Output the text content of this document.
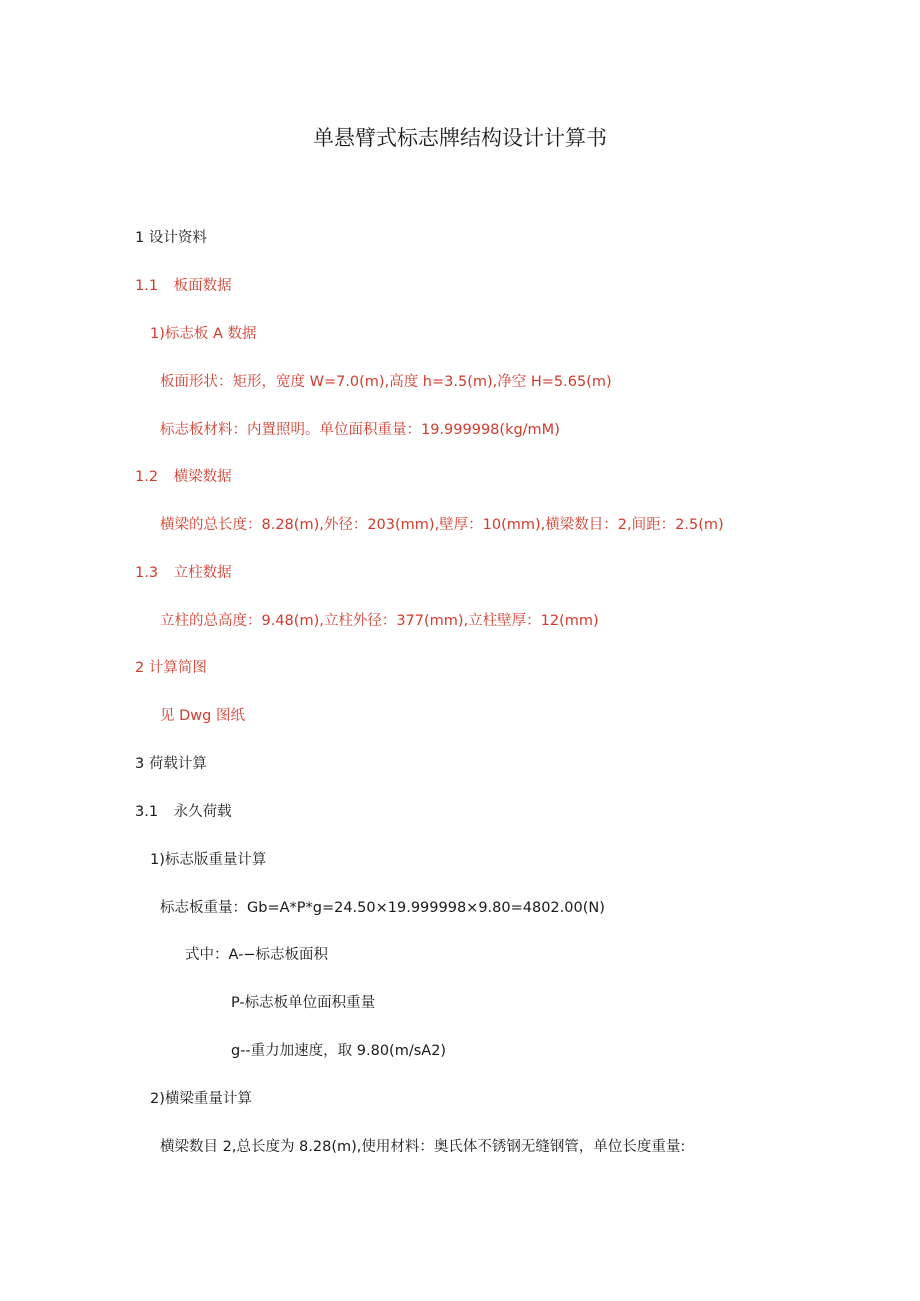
单悬臂式标志牌结构设计计算书
1 设计资料
1.1 板面数据
1)标志板 A 数据
板面形状：矩形，宽度 W=7.0(m),高度 h=3.5(m),净空 H=5.65(m)
标志板材料：内置照明。单位面积重量：19.999998(kg∕mM)
1.2 横梁数据
横梁的总长度：8.28(m),外径：203(mm),壁厚：10(mm),横梁数目：2,间距：2.5(m)
1.3 立柱数据
立柱的总高度：9.48(m),立柱外径：377(mm),立柱壁厚：12(mm)
2 计算简图
见 Dwg 图纸
3 荷载计算
3.1 永久荷载
1)标志版重量计算
标志板重量：Gb=A*P*g=24.50×19.999998×9.80=4802.00(N)
式中：A-−标志板面积
P-标志板单位面积重量
g--重力加速度，取 9.80(m∕sA2)
2)横梁重量计算
横梁数目 2,总长度为 8.28(m),使用材料：奥氏体不锈钢无缝钢管，单位长度重量:
